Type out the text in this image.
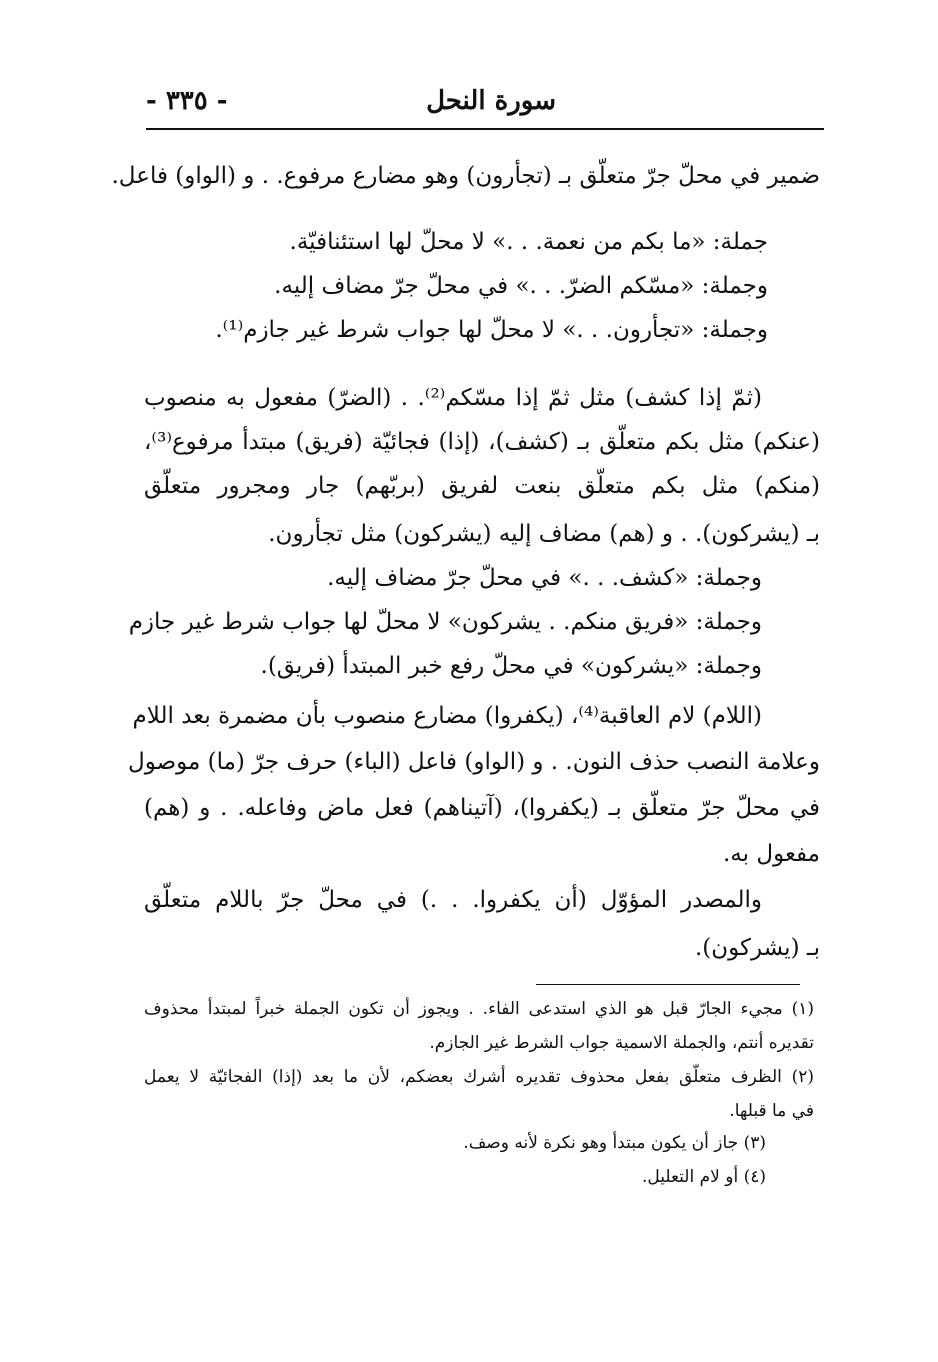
سورة النحل
- ٣٣٥ -
ضمير في محلّ جرّ متعلّق بـ (تجأرون) وهو مضارع مرفوع. . و (الواو) فاعل.
جملة: «ما بكم من نعمة. . .» لا محلّ لها استئنافيّة.
وجملة: «مسّكم الضرّ. . .» في محلّ جرّ مضاف إليه.
وجملة: «تجأرون. . .» لا محلّ لها جواب شرط غير جازم⁽¹⁾.
(ثمّ إذا كشف) مثل ثمّ إذا مسّكم⁽²⁾. . (الضرّ) مفعول به منصوب
(عنكم) مثل بكم متعلّق بـ (كشف)، (إذا) فجائيّة (فريق) مبتدأ مرفوع⁽³⁾،
(منكم) مثل بكم متعلّق بنعت لفريق (بربّهم) جار ومجرور متعلّق
بـ (يشركون). . و (هم) مضاف إليه (يشركون) مثل تجأرون.
وجملة: «كشف. . .» في محلّ جرّ مضاف إليه.
وجملة: «فريق منكم. . يشركون» لا محلّ لها جواب شرط غير جازم
وجملة: «يشركون» في محلّ رفع خبر المبتدأ (فريق).
(اللام) لام العاقبة⁽⁴⁾، (يكفروا) مضارع منصوب بأن مضمرة بعد اللام
وعلامة النصب حذف النون. . و (الواو) فاعل (الباء) حرف جرّ (ما) موصول
في محلّ جرّ متعلّق بـ (يكفروا)، (آتيناهم) فعل ماض وفاعله. . و (هم)
مفعول به.
والمصدر المؤوّل (أن يكفروا. . .) في محلّ جرّ باللام متعلّق
بـ (يشركون).
(١) مجيء الجارّ قبل هو الذي استدعى الفاء. . ويجوز أن تكون الجملة خبراً لمبتدأ محذوف
تقديره أنتم، والجملة الاسمية جواب الشرط غير الجازم.
(٢) الظرف متعلّق بفعل محذوف تقديره أشرك بعضكم، لأن ما بعد (إذا) الفجائيّة لا يعمل
في ما قبلها.
(٣) جاز أن يكون مبتدأ وهو نكرة لأنه وصف.
(٤) أو لام التعليل.
